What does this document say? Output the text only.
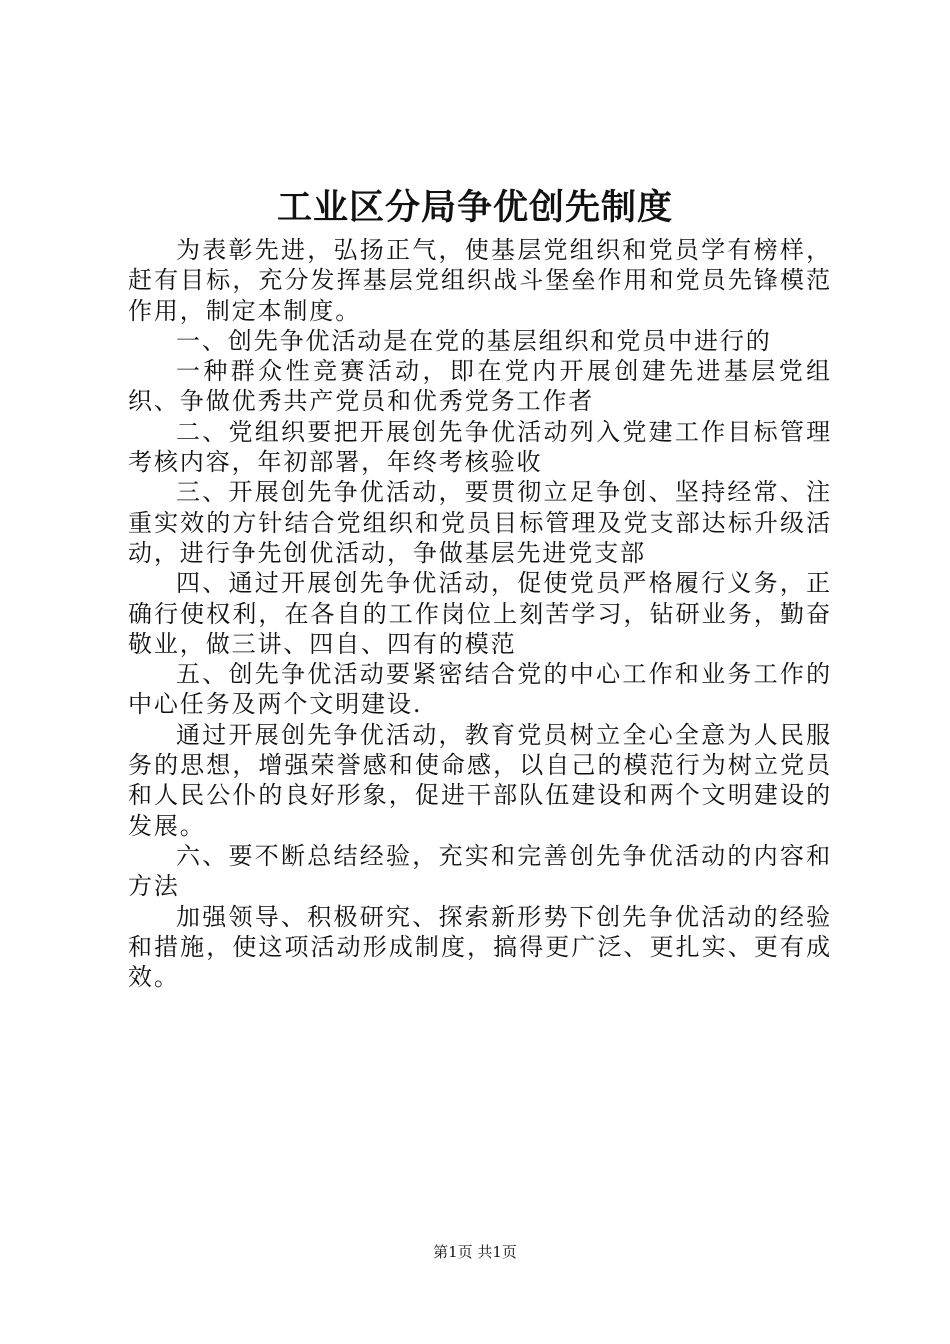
工业区分局争优创先制度

为表彰先进，弘扬正气，使基层党组织和党员学有榜样，赶有目标，充分发挥基层党组织战斗堡垒作用和党员先锋模范作用，制定本制度。

一、创先争优活动是在党的基层组织和党员中进行的

一种群众性竞赛活动，即在党内开展创建先进基层党组织、争做优秀共产党员和优秀党务工作者

二、党组织要把开展创先争优活动列入党建工作目标管理考核内容，年初部署，年终考核验收

三、开展创先争优活动，要贯彻立足争创、坚持经常、注重实效的方针结合党组织和党员目标管理及党支部达标升级活动，进行争先创优活动，争做基层先进党支部

四、通过开展创先争优活动，促使党员严格履行义务，正确行使权利，在各自的工作岗位上刻苦学习，钻研业务，勤奋敬业，做三讲、四自、四有的模范

五、创先争优活动要紧密结合党的中心工作和业务工作的中心任务及两个文明建设.

通过开展创先争优活动，教育党员树立全心全意为人民服务的思想，增强荣誉感和使命感，以自己的模范行为树立党员和人民公仆的良好形象，促进干部队伍建设和两个文明建设的发展。

六、要不断总结经验，充实和完善创先争优活动的内容和方法

加强领导、积极研究、探索新形势下创先争优活动的经验和措施，使这项活动形成制度，搞得更广泛、更扎实、更有成效。

第1页 共1页
